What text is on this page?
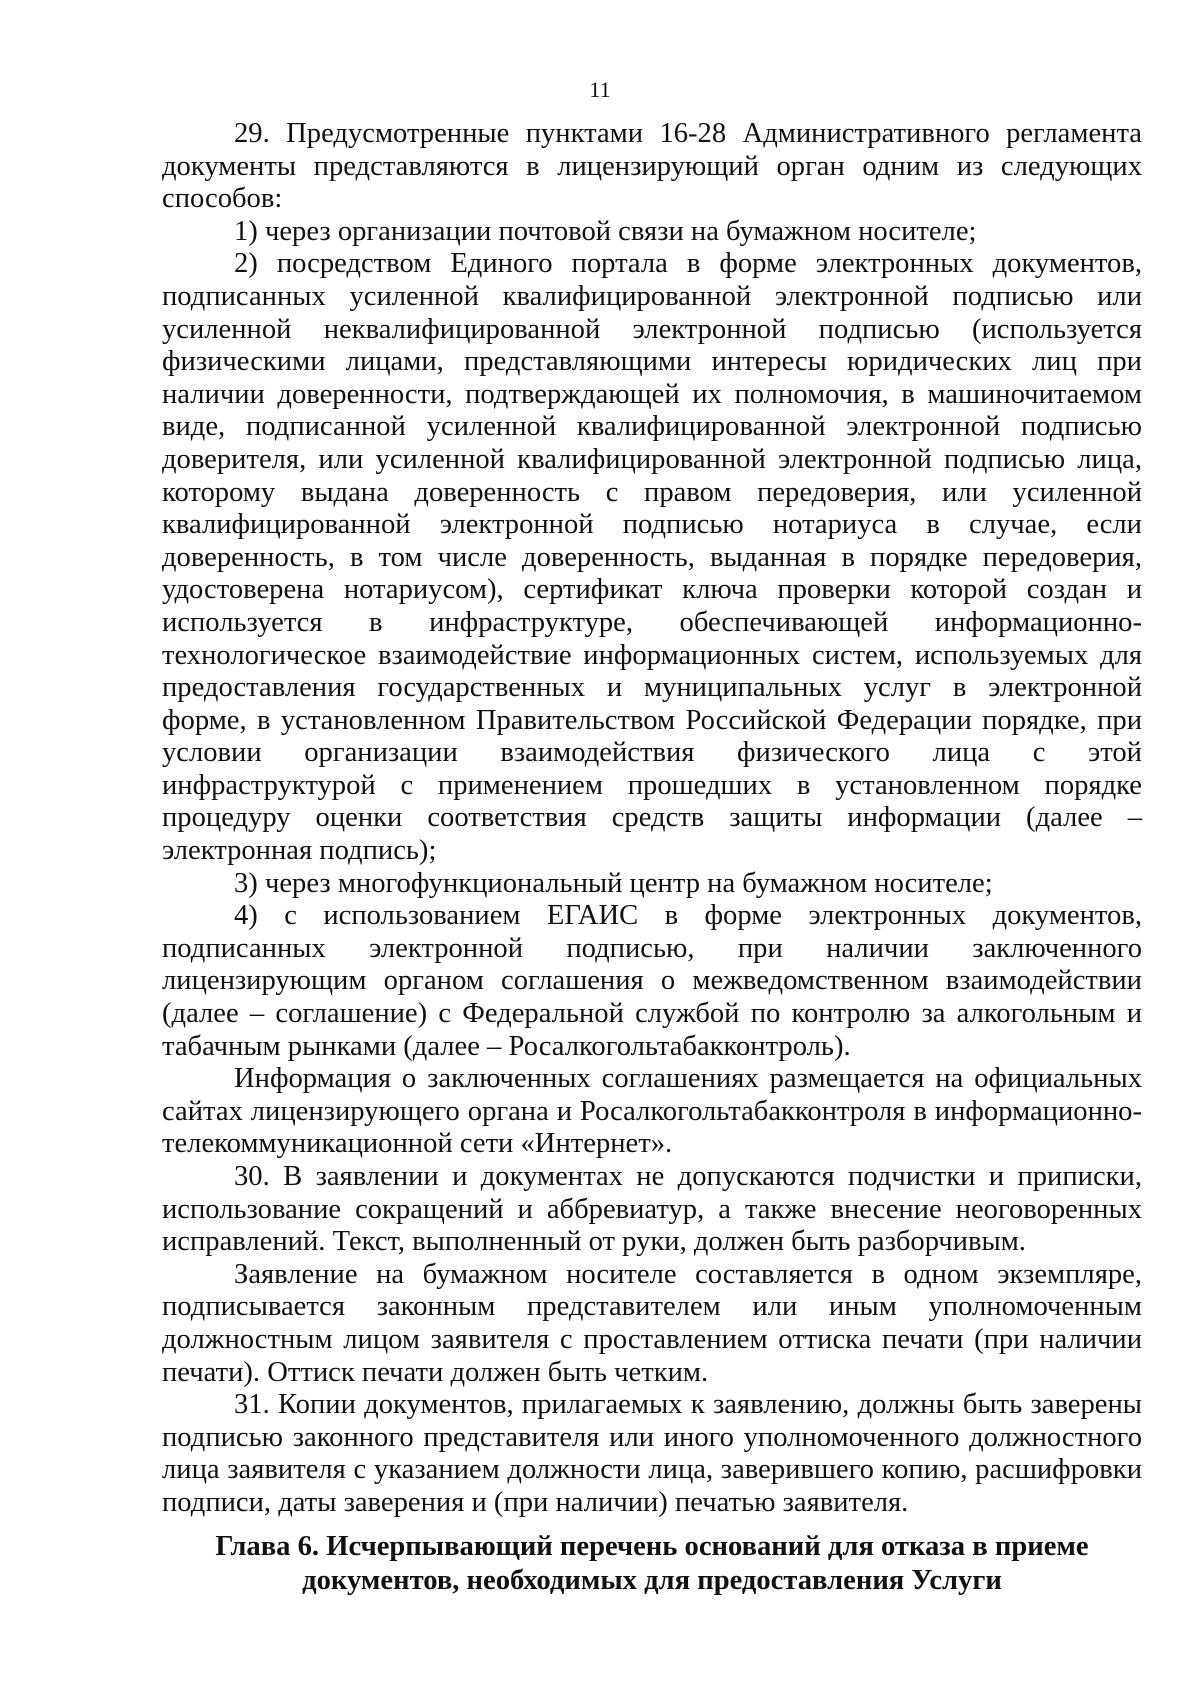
11

29. Предусмотренные пунктами 16-28 Административного регламента документы представляются в лицензирующий орган одним из следующих способов:

1) через организации почтовой связи на бумажном носителе;

2) посредством Единого портала в форме электронных документов, подписанных усиленной квалифицированной электронной подписью или усиленной неквалифицированной электронной подписью (используется физическими лицами, представляющими интересы юридических лиц при наличии доверенности, подтверждающей их полномочия, в машиночитаемом виде, подписанной усиленной квалифицированной электронной подписью доверителя, или усиленной квалифицированной электронной подписью лица, которому выдана доверенность с правом передоверия, или усиленной квалифицированной электронной подписью нотариуса в случае, если доверенность, в том числе доверенность, выданная в порядке передоверия, удостоверена нотариусом), сертификат ключа проверки которой создан и используется в инфраструктуре, обеспечивающей информационно-технологическое взаимодействие информационных систем, используемых для предоставления государственных и муниципальных услуг в электронной форме, в установленном Правительством Российской Федерации порядке, при условии организации взаимодействия физического лица с этой инфраструктурой с применением прошедших в установленном порядке процедуру оценки соответствия средств защиты информации (далее – электронная подпись);

3) через многофункциональный центр на бумажном носителе;

4) с использованием ЕГАИС в форме электронных документов, подписанных электронной подписью, при наличии заключенного лицензирующим органом соглашения о межведомственном взаимодействии (далее – соглашение) с Федеральной службой по контролю за алкогольным и табачным рынками (далее – Росалкогольтабакконтроль).

Информация о заключенных соглашениях размещается на официальных сайтах лицензирующего органа и Росалкогольтабакконтроля в информационно-телекоммуникационной сети «Интернет».

30. В заявлении и документах не допускаются подчистки и приписки, использование сокращений и аббревиатур, а также внесение неоговоренных исправлений. Текст, выполненный от руки, должен быть разборчивым.

Заявление на бумажном носителе составляется в одном экземпляре, подписывается законным представителем или иным уполномоченным должностным лицом заявителя с проставлением оттиска печати (при наличии печати). Оттиск печати должен быть четким.

31. Копии документов, прилагаемых к заявлению, должны быть заверены подписью законного представителя или иного уполномоченного должностного лица заявителя с указанием должности лица, заверившего копию, расшифровки подписи, даты заверения и (при наличии) печатью заявителя.

Глава 6. Исчерпывающий перечень оснований для отказа в приеме
документов, необходимых для предоставления Услуги
